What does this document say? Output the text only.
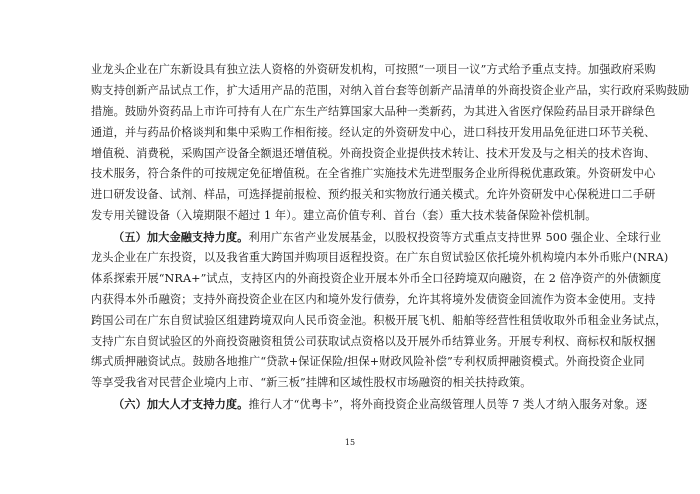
业龙头企业在广东新设具有独立法人资格的外资研发机构，可按照“一项目一议”方式给予重点支持。加强政府采购
购支持创新产品试点工作，扩大适用产品的范围，对纳入首台套等创新产品清单的外商投资企业产品，实行政府采购鼓励
措施。鼓励外资药品上市许可持有人在广东生产结算国家大品种一类新药，为其进入省医疗保险药品目录开辟绿色
通道，并与药品价格谈判和集中采购工作相衔接。经认定的外资研发中心，进口科技开发用品免征进口环节关税、
增值税、消费税，采购国产设备全额退还增值税。外商投资企业提供技术转让、技术开发及与之相关的技术咨询、
技术服务，符合条件的可按规定免征增值税。在全省推广实施技术先进型服务企业所得税优惠政策。外资研发中心
进口研发设备、试剂、样品，可选择提前报检、预约报关和实物放行通关模式。允许外资研发中心保税进口二手研
发专用关键设备（入境期限不超过 1 年）。建立高价值专利、首台（套）重大技术装备保险补偿机制。
（五）加大金融支持力度。利用广东省产业发展基金，以股权投资等方式重点支持世界 500 强企业、全球行业
龙头企业在广东投资，以及我省重大跨国并购项目返程投资。在广东自贸试验区依托境外机构境内本外币账户(NRA)
体系探索开展“NRA+”试点，支持区内的外商投资企业开展本外币全口径跨境双向融资，在 2 倍净资产的外债额度
内获得本外币融资；支持外商投资企业在区内和境外发行债券，允许其将境外发债资金回流作为资本金使用。支持
跨国公司在广东自贸试验区组建跨境双向人民币资金池。积极开展飞机、船舶等经营性租赁收取外币租金业务试点，
支持广东自贸试验区的外商投资融资租赁公司获取试点资格以及开展外币结算业务。开展专利权、商标权和版权捆
绑式质押融资试点。鼓励各地推广“贷款+保证保险/担保+财政风险补偿”专利权质押融资模式。外商投资企业同
等享受我省对民营企业境内上市、“新三板”挂牌和区域性股权市场融资的相关扶持政策。
（六）加大人才支持力度。推行人才“优粤卡”，将外商投资企业高级管理人员等 7 类人才纳入服务对象。逐
15
